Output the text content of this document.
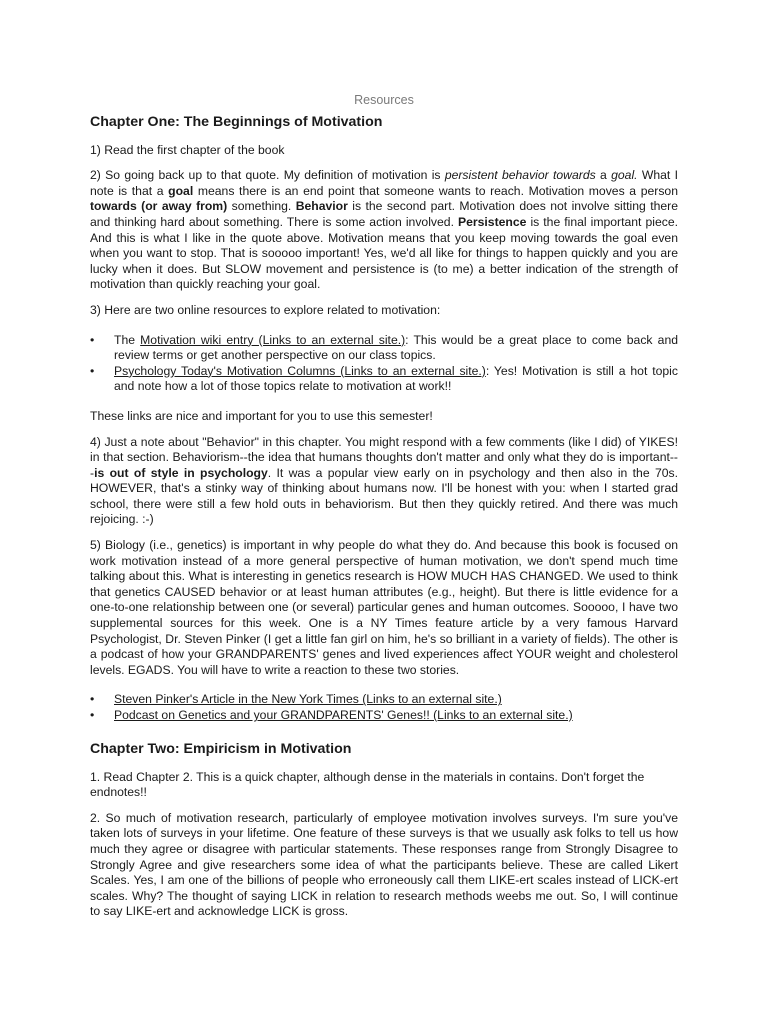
Resources
Chapter One: The Beginnings of Motivation

1) Read the first chapter of the book

2) So going back up to that quote. My definition of motivation is persistent behavior towards a goal. What I note is that a goal means there is an end point that someone wants to reach. Motivation moves a person towards (or away from) something. Behavior is the second part. Motivation does not involve sitting there and thinking hard about something. There is some action involved. Persistence is the final important piece. And this is what I like in the quote above. Motivation means that you keep moving towards the goal even when you want to stop. That is sooooo important! Yes, we'd all like for things to happen quickly and you are lucky when it does. But SLOW movement and persistence is (to me) a better indication of the strength of motivation than quickly reaching your goal.

3) Here are two online resources to explore related to motivation:

• The Motivation wiki entry (Links to an external site.): This would be a great place to come back and review terms or get another perspective on our class topics.
• Psychology Today's Motivation Columns (Links to an external site.): Yes! Motivation is still a hot topic and note how a lot of those topics relate to motivation at work!!

These links are nice and important for you to use this semester!

4) Just a note about "Behavior" in this chapter. You might respond with a few comments (like I did) of YIKES! in that section. Behaviorism--the idea that humans thoughts don't matter and only what they do is important---is out of style in psychology. It was a popular view early on in psychology and then also in the 70s. HOWEVER, that's a stinky way of thinking about humans now. I'll be honest with you: when I started grad school, there were still a few hold outs in behaviorism. But then they quickly retired. And there was much rejoicing. :-)

5) Biology (i.e., genetics) is important in why people do what they do. And because this book is focused on work motivation instead of a more general perspective of human motivation, we don't spend much time talking about this. What is interesting in genetics research is HOW MUCH HAS CHANGED. We used to think that genetics CAUSED behavior or at least human attributes (e.g., height). But there is little evidence for a one-to-one relationship between one (or several) particular genes and human outcomes. Sooooo, I have two supplemental sources for this week. One is a NY Times feature article by a very famous Harvard Psychologist, Dr. Steven Pinker (I get a little fan girl on him, he's so brilliant in a variety of fields). The other is a podcast of how your GRANDPARENTS' genes and lived experiences affect YOUR weight and cholesterol levels. EGADS. You will have to write a reaction to these two stories.

• Steven Pinker's Article in the New York Times (Links to an external site.)
• Podcast on Genetics and your GRANDPARENTS' Genes!! (Links to an external site.)
Chapter Two: Empiricism in Motivation

1. Read Chapter 2. This is a quick chapter, although dense in the materials in contains. Don't forget the endnotes!!

2. So much of motivation research, particularly of employee motivation involves surveys. I'm sure you've taken lots of surveys in your lifetime. One feature of these surveys is that we usually ask folks to tell us how much they agree or disagree with particular statements. These responses range from Strongly Disagree to Strongly Agree and give researchers some idea of what the participants believe. These are called Likert Scales. Yes, I am one of the billions of people who erroneously call them LIKE-ert scales instead of LICK-ert scales. Why? The thought of saying LICK in relation to research methods weebs me out. So, I will continue to say LIKE-ert and acknowledge LICK is gross.
